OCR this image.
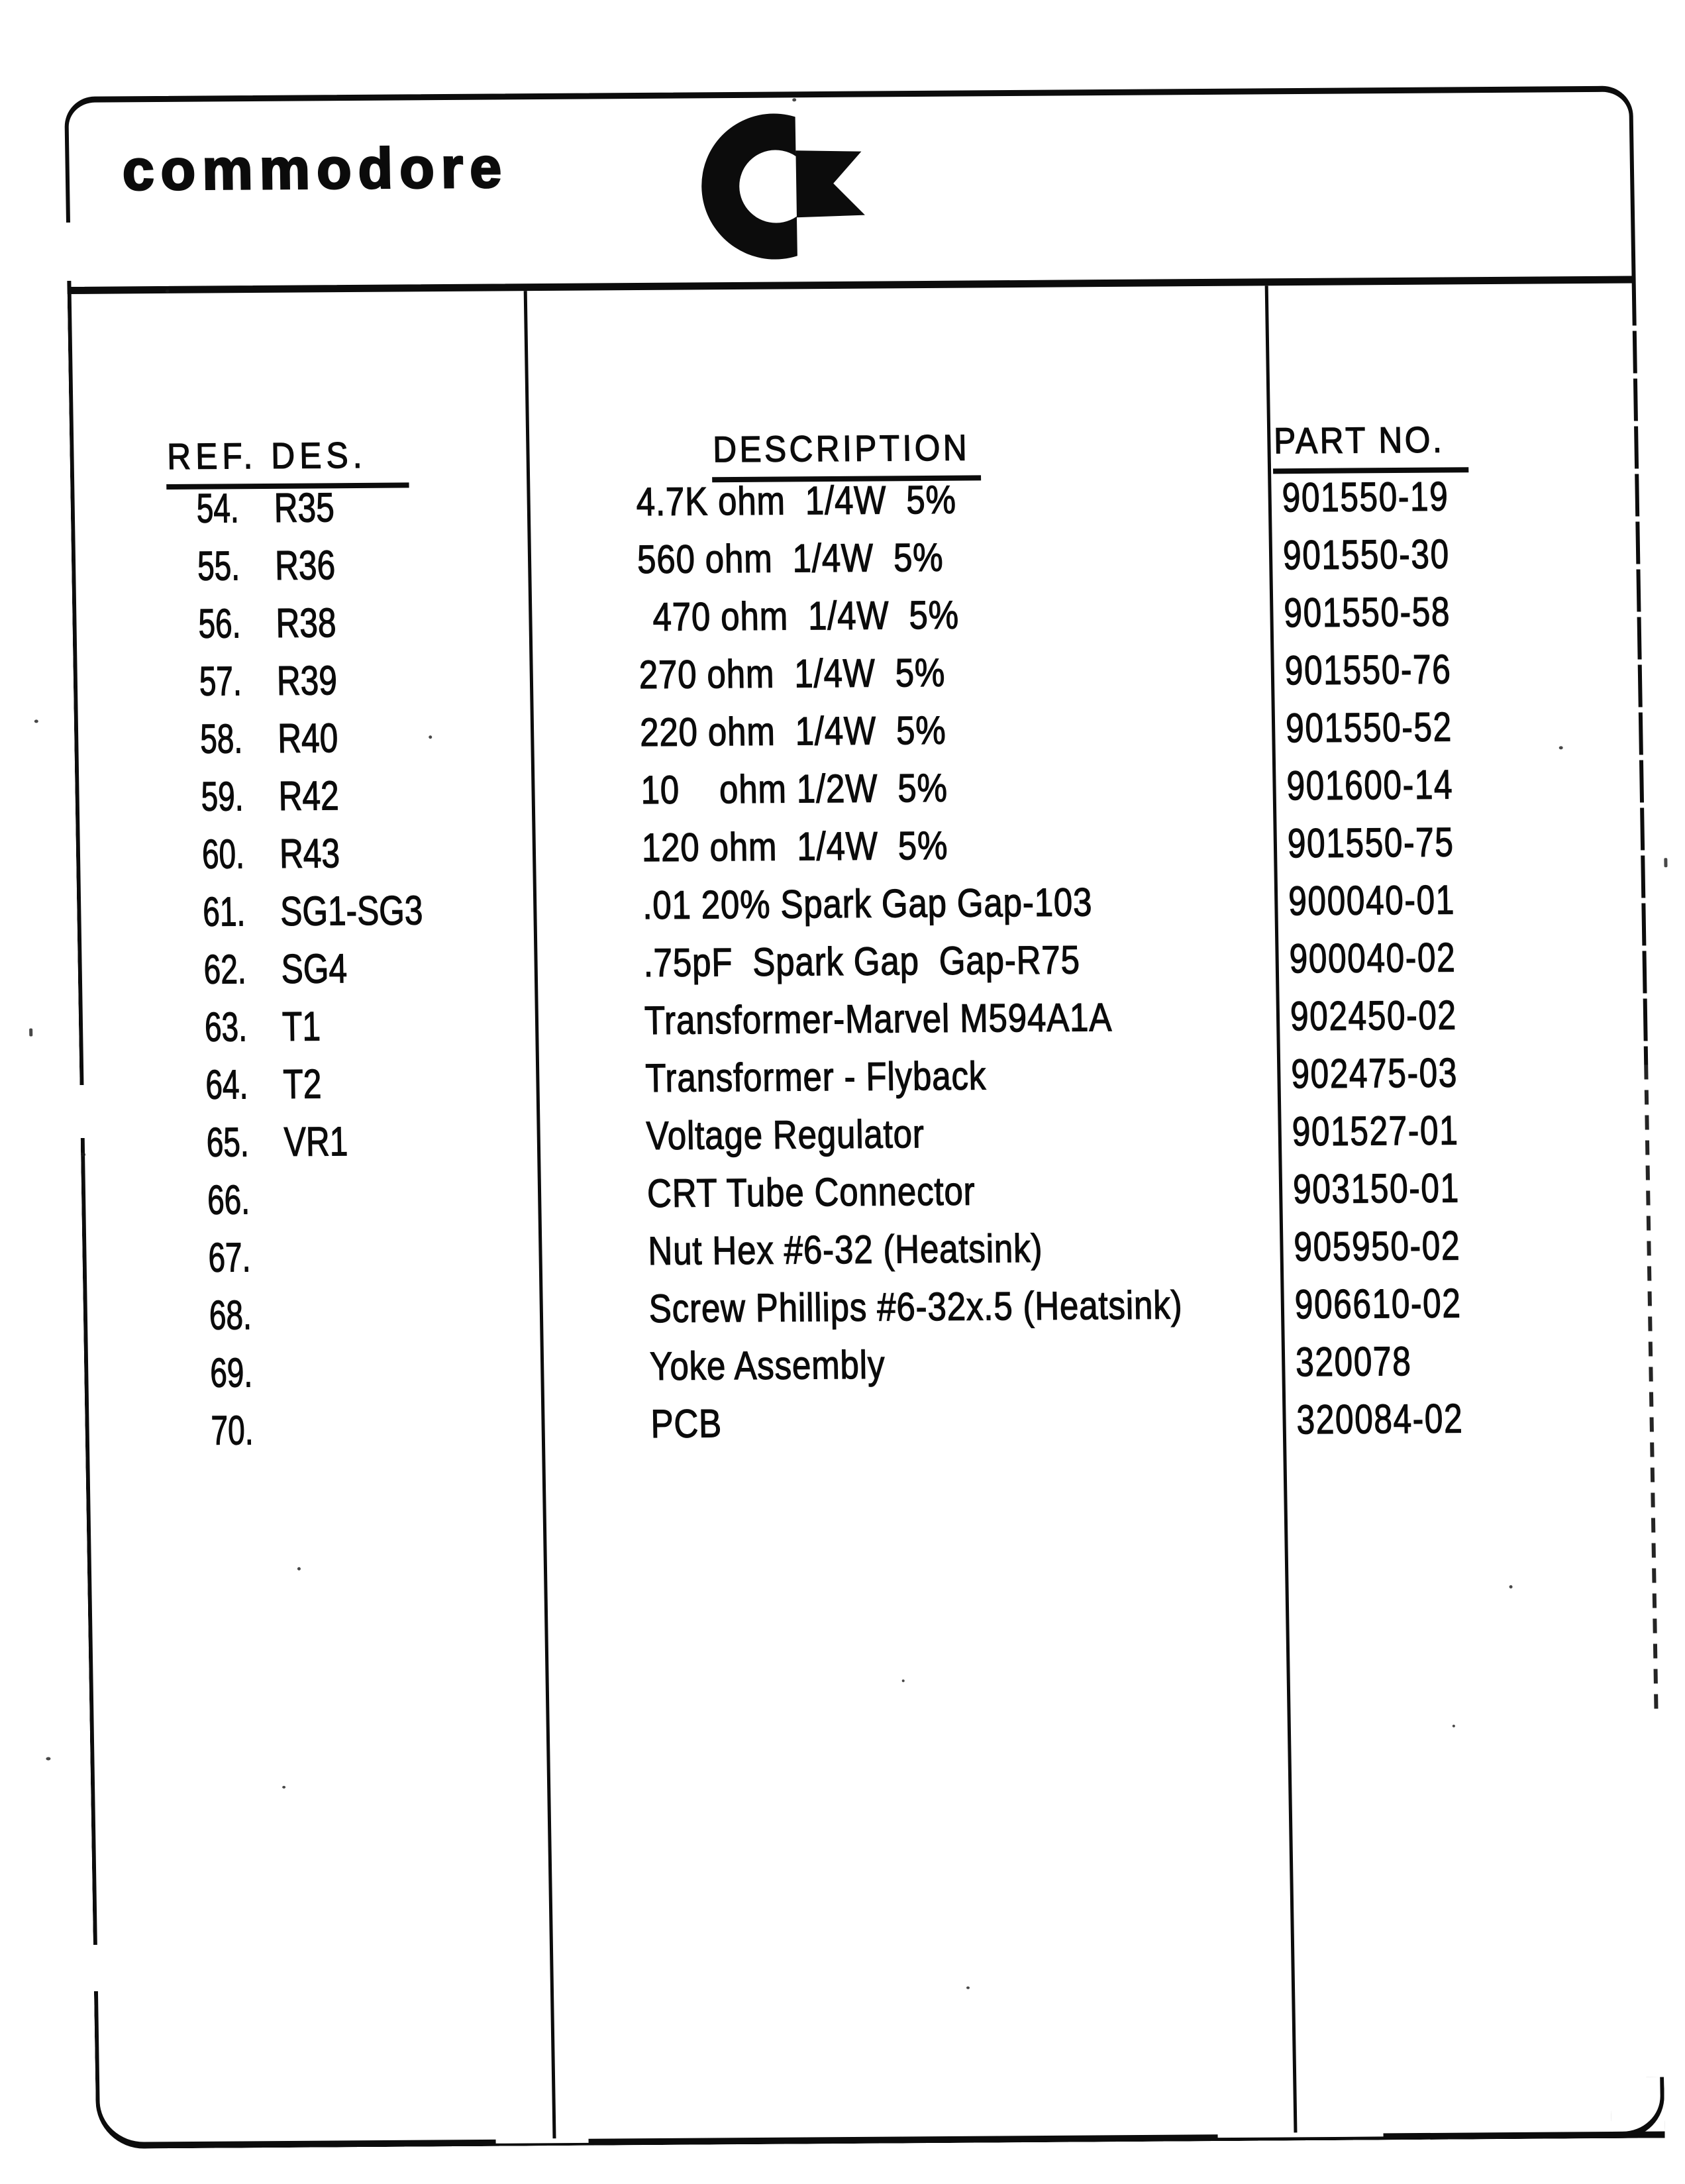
commodore
REF. DES.	DESCRIPTION	PART NO.
54. R35	4.7K ohm  1/4W  5%	901550-19
55. R36	560 ohm  1/4W  5%	901550-30
56. R38	470 ohm  1/4W  5%	901550-58
57. R39	270 ohm  1/4W  5%	901550-76
58. R40	220 ohm  1/4W  5%	901550-52
59. R42	10    ohm 1/2W  5%	901600-14
60. R43	120 ohm  1/4W  5%	901550-75
61. SG1-SG3	.01 20% Spark Gap Gap-103	900040-01
62. SG4	.75pF  Spark Gap  Gap-R75	900040-02
63. T1	Transformer-Marvel M594A1A	902450-02
64. T2	Transformer - Flyback	902475-03
65. VR1	Voltage Regulator	901527-01
66.	CRT Tube Connector	903150-01
67.	Nut Hex #6-32 (Heatsink)	905950-02
68.	Screw Phillips #6-32x.5 (Heatsink)	906610-02
69.	Yoke Assembly	320078
70.	PCB	320084-02
